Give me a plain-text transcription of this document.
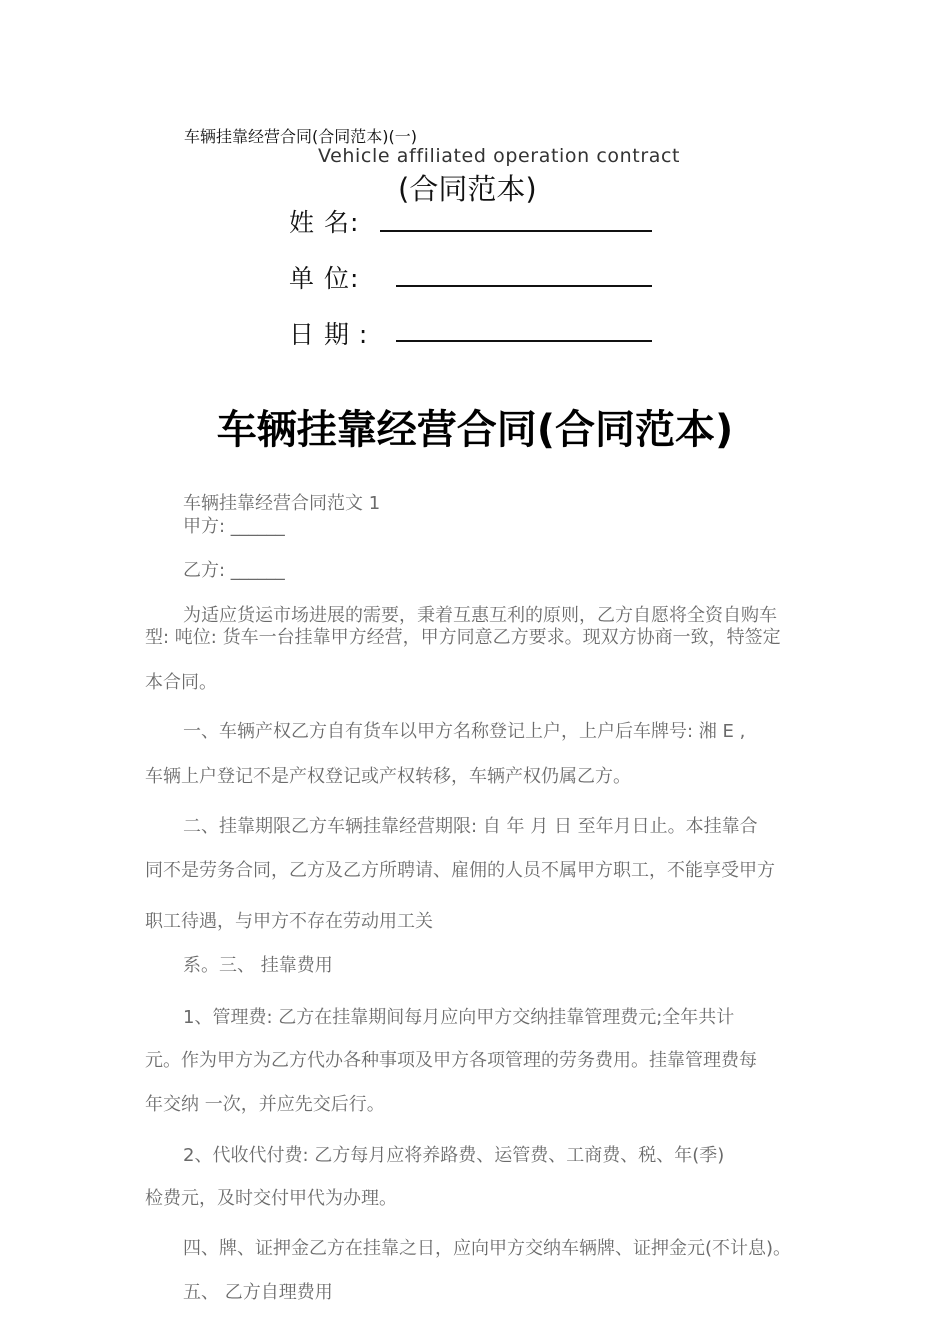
车辆挂靠经营合同(合同范本)(一)
Vehicle affiliated operation contract
(合同范本)
姓 名:
单 位:
日 期 :
车辆挂靠经营合同(合同范本)
车辆挂靠经营合同范文 1
甲方: ______
乙方: ______
为适应货运市场进展的需要，秉着互惠互利的原则，乙方自愿将全资自购车
型: 吨位: 货车一台挂靠甲方经营，甲方同意乙方要求。现双方协商一致，特签定
本合同。
一、车辆产权乙方自有货车以甲方名称登记上户，上户后车牌号: 湘 E ,
车辆上户登记不是产权登记或产权转移，车辆产权仍属乙方。
二、挂靠期限乙方车辆挂靠经营期限: 自 年 月 日 至年月日止。本挂靠合
同不是劳务合同，乙方及乙方所聘请、雇佣的人员不属甲方职工，不能享受甲方
职工待遇，与甲方不存在劳动用工关
系。三、 挂靠费用
1、管理费: 乙方在挂靠期间每月应向甲方交纳挂靠管理费元;全年共计
元。作为甲方为乙方代办各种事项及甲方各项管理的劳务费用。挂靠管理费每
年交纳 一次，并应先交后行。
2、代收代付费: 乙方每月应将养路费、运管费、工商费、税、年(季)
检费元，及时交付甲代为办理。
四、牌、证押金乙方在挂靠之日，应向甲方交纳车辆牌、证押金元(不计息)。
五、 乙方自理费用
